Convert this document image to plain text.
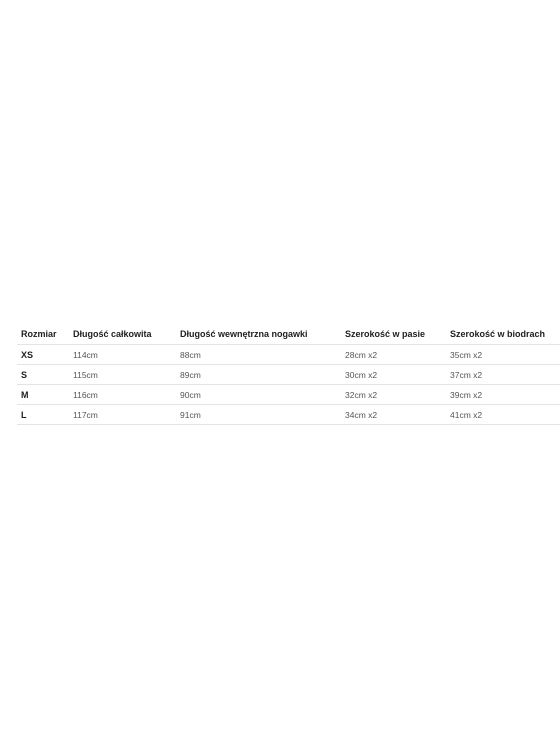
Rozmiar	Długość całkowita	Długość wewnętrzna nogawki	Szerokość w pasie	Szerokość w biodrach
XS	114cm	88cm	28cm x2	35cm x2
S	115cm	89cm	30cm x2	37cm x2
M	116cm	90cm	32cm x2	39cm x2
L	117cm	91cm	34cm x2	41cm x2
